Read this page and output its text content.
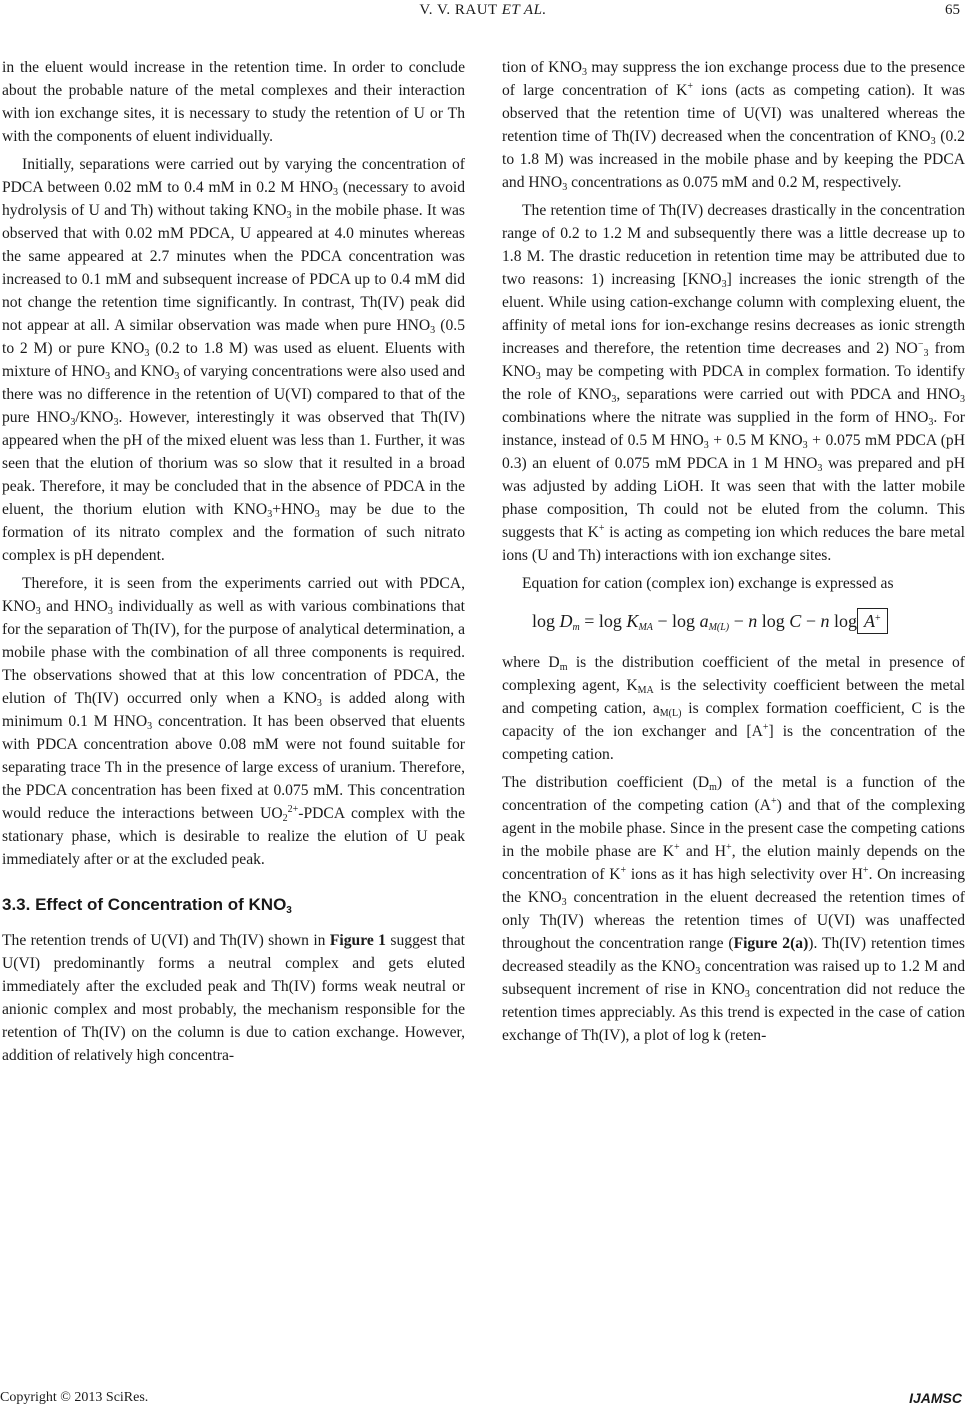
V. V. RAUT ET AL.	65

in the eluent would increase in the retention time. In order to conclude about the probable nature of the metal complexes and their interaction with ion exchange sites, it is necessary to study the retention of U or Th with the components of eluent individually.

Initially, separations were carried out by varying the concentration of PDCA between 0.02 mM to 0.4 mM in 0.2 M $HNO_3$ (necessary to avoid hydrolysis of U and Th) without taking $KNO_3$ in the mobile phase. It was observed that with 0.02 mM PDCA, U appeared at 4.0 minutes whereas the same appeared at 2.7 minutes when the PDCA concentration was increased to 0.1 mM and subsequent increase of PDCA up to 0.4 mM did not change the retention time significantly. In contrast, Th(IV) peak did not appear at all. A similar observation was made when pure $HNO_3$ (0.5 to 2 M) or pure $KNO_3$ (0.2 to 1.8 M) was used as eluent. Eluents with mixture of $HNO_3$ and $KNO_3$ of varying concentrations were also used and there was no difference in the retention of U(VI) compared to that of the pure $HNO_3/KNO_3$. However, interestingly it was observed that Th(IV) appeared when the pH of the mixed eluent was less than 1. Further, it was seen that the elution of thorium was so slow that it resulted in a broad peak. Therefore, it may be concluded that in the absence of PDCA in the eluent, the thorium elution with $KNO_3+HNO_3$ may be due to the formation of its nitrato complex and the formation of such nitrato complex is pH dependent.

Therefore, it is seen from the experiments carried out with PDCA, $KNO_3$ and $HNO_3$ individually as well as with various combinations that for the separation of Th(IV), for the purpose of analytical determination, a mobile phase with the combination of all three components is required. The observations showed that at this low concentration of PDCA, the elution of Th(IV) occurred only when a $KNO_3$ is added along with minimum 0.1 M $HNO_3$ concentration. It has been observed that eluents with PDCA concentration above 0.08 mM were not found suitable for separating trace Th in the presence of large excess of uranium. Therefore, the PDCA concentration has been fixed at 0.075 mM. This concentration would reduce the interactions between $UO_2^{2+}$-PDCA complex with the stationary phase, which is desirable to realize the elution of U peak immediately after or at the excluded peak.

3.3. Effect of Concentration of $KNO_3$

The retention trends of U(VI) and Th(IV) shown in Figure 1 suggest that U(VI) predominantly forms a neutral complex and gets eluted immediately after the excluded peak and Th(IV) forms weak neutral or anionic complex and most probably, the mechanism responsible for the retention of Th(IV) on the column is due to cation exchange. However, addition of relatively high concentra-

tion of $KNO_3$ may suppress the ion exchange process due to the presence of large concentration of K+ ions (acts as competing cation). It was observed that the retention time of U(VI) was unaltered whereas the retention time of Th(IV) decreased when the concentration of $KNO_3$ (0.2 to 1.8 M) was increased in the mobile phase and by keeping the PDCA and $HNO_3$ concentrations as 0.075 mM and 0.2 M, respectively.

The retention time of Th(IV) decreases drastically in the concentration range of 0.2 to 1.2 M and subsequently there was a little decrease up to 1.8 M. The drastic reducetion in retention time may be attributed due to two reasons: 1) increasing $[KNO_3]$ increases the ionic strength of the eluent. While using cation-exchange column with complexing eluent, the affinity of metal ions for ion-exchange resins decreases as ionic strength increases and therefore, the retention time decreases and 2) $NO^-_3$ from $KNO_3$ may be competing with PDCA in complex formation. To identify the role of $KNO_3$, separations were carried out with PDCA and $HNO_3$ combinations where the nitrate was supplied in the form of $HNO_3$. For instance, instead of 0.5 M $HNO_3 + 0.5$ M $KNO_3 + 0.075$ mM PDCA (pH 0.3) an eluent of 0.075 mM PDCA in 1 M $HNO_3$ was prepared and pH was adjusted by adding LiOH. It was seen that with the latter mobile phase composition, Th could not be eluted from the column. This suggests that K+ is acting as competing ion which reduces the bare metal ions (U and Th) interactions with ion exchange sites.

Equation for cation (complex ion) exchange is expressed as

$\log D_m = \log K_{MA} - \log a_{M(L)} - n$ log C − n log A+

where $D_m$ is the distribution coefficient of the metal in presence of complexing agent, $K_{MA}$ is the selectivity coefficient between the metal and competing cation, $a_{M(L)}$ is complex formation coefficient, C is the capacity of the ion exchanger and [A+] is the concentration of the competing cation.

The distribution coefficient $(D_m)$ of the metal is a function of the concentration of the competing cation (A+) and that of the complexing agent in the mobile phase. Since in the present case the competing cations in the mobile phase are K+ and H+, the elution mainly depends on the concentration of K+ ions as it has high selectivity over H+. On increasing the $KNO_3$ concentration in the eluent decreased the retention times of only Th(IV) whereas the retention times of U(VI) was unaffected throughout the concentration range (Figure 2(a)). Th(IV) retention times decreased steadily as the $KNO_3$ concentration was raised up to 1.2 M and subsequent increment of rise in $KNO_3$ concentration did not reduce the retention times appreciably. As this trend is expected in the case of cation exchange of Th(IV), a plot of log k (reten-

Copyright © 2013 SciRes.	IJAMSC
